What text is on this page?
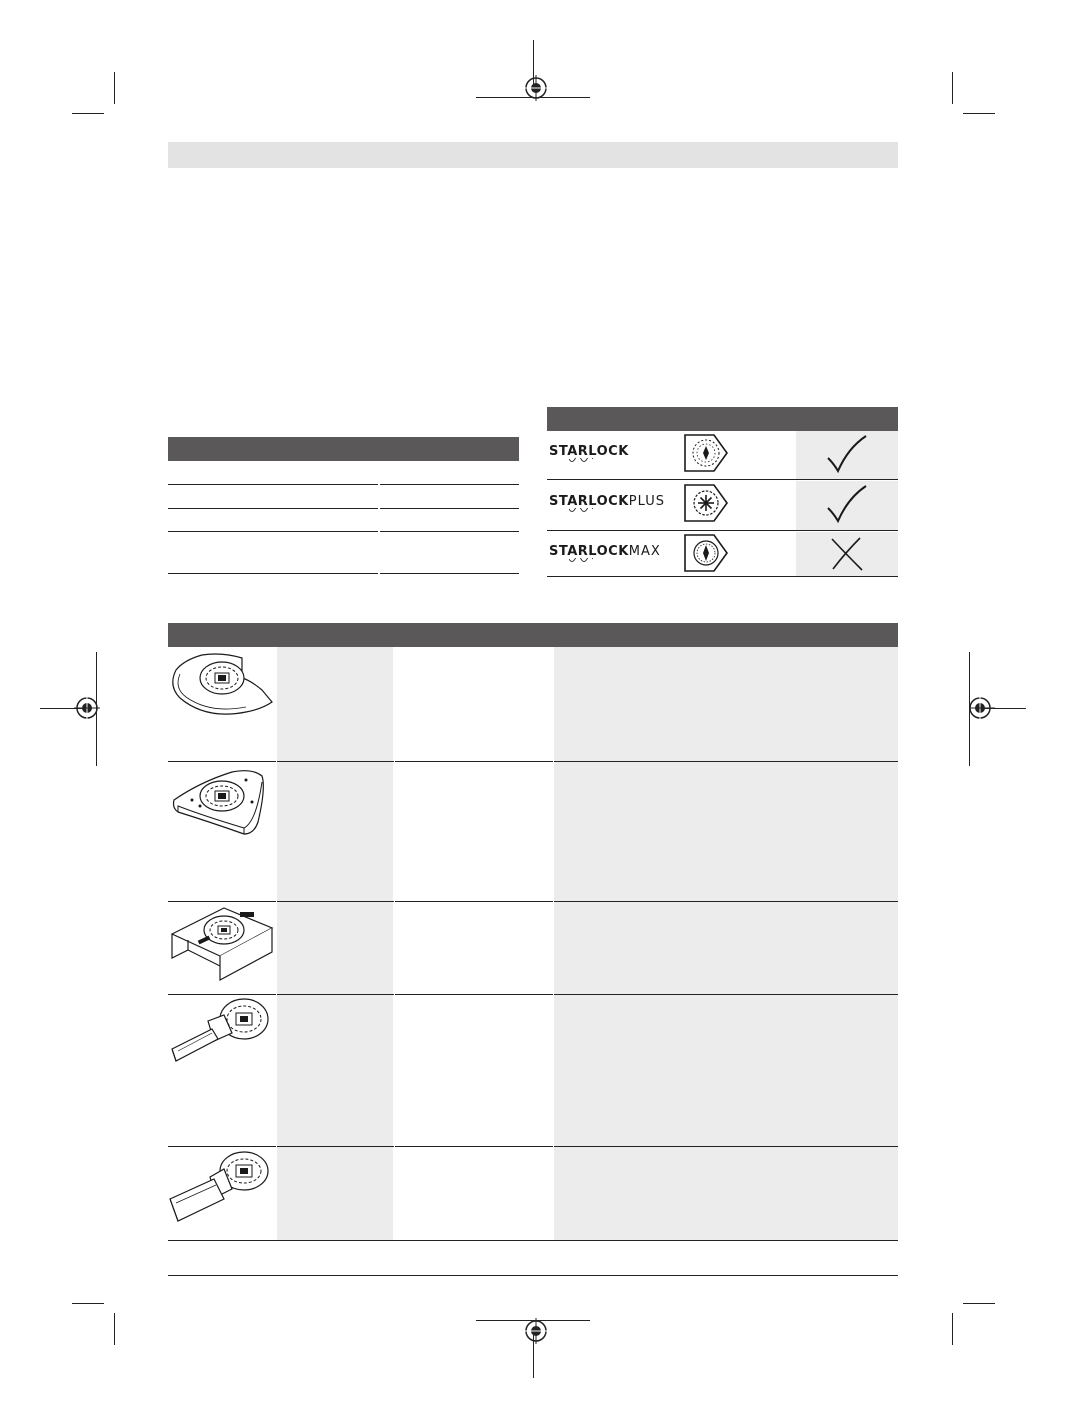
STARLOCK
STARLOCKPLUS
STARLOCKMAX
